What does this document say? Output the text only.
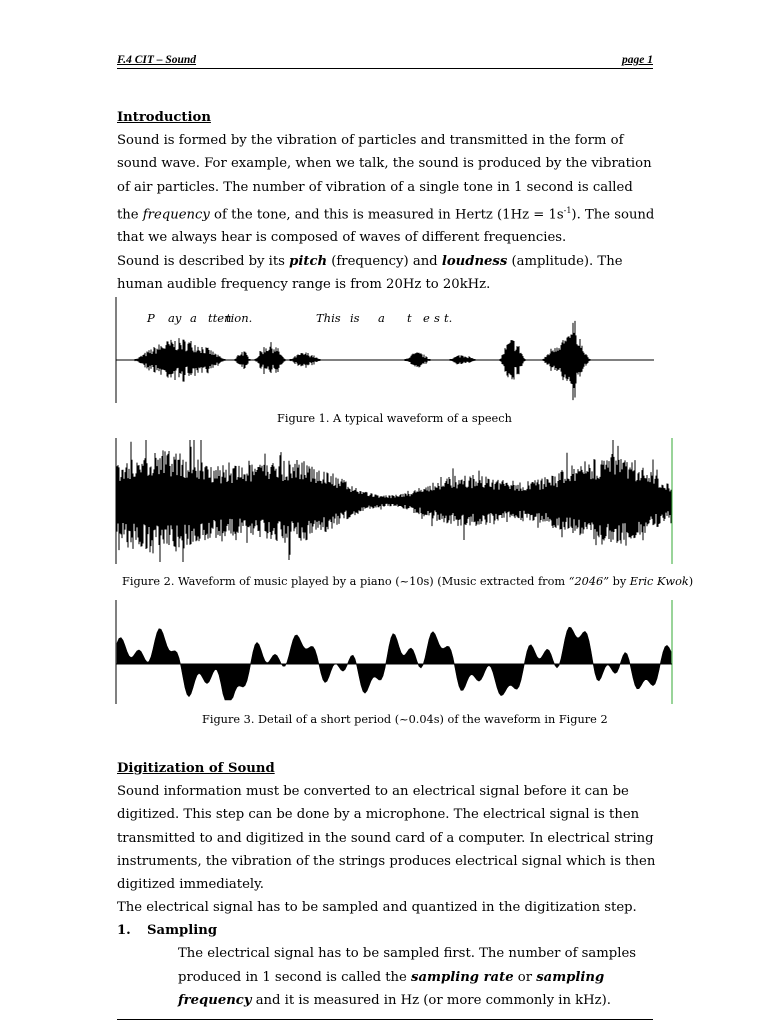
F.4 CIT – Sound	page 1

Introduction

Sound is formed by the vibration of particles and transmitted in the form of sound wave. For example, when we talk, the sound is produced by the vibration of air particles. The number of vibration of a single tone in 1 second is called the frequency of the tone, and this is measured in Hertz $(1Hz = 1s^{-1})$. The sound that we always hear is composed of waves of different frequencies.

Sound is described by its pitch (frequency) and loudness (amplitude). The human audible frequency range is from 20Hz to 20kHz.

P ay a tten
tion.	This is a t e s t.
Figure 1. A typical waveform of a speech
Figure 2. Waveform of music played by a piano (~10s) (Music extracted from “2046” by Eric Kwok)
Figure 3. Detail of a short period (~0.04s) of the waveform in Figure 2

Digitization of Sound

Sound information must be converted to an electrical signal before it can be digitized. This step can be done by a microphone. The electrical signal is then transmitted to and digitized in the sound card of a computer. In electrical string instruments, the vibration of the strings produces electrical signal which is then digitized immediately.

The electrical signal has to be sampled and quantized in the digitization step.

1. Sampling

The electrical signal has to be sampled first. The number of samples produced in 1 second is called the sampling rate or sampling frequency and it is measured in Hz (or more commonly in kHz).
